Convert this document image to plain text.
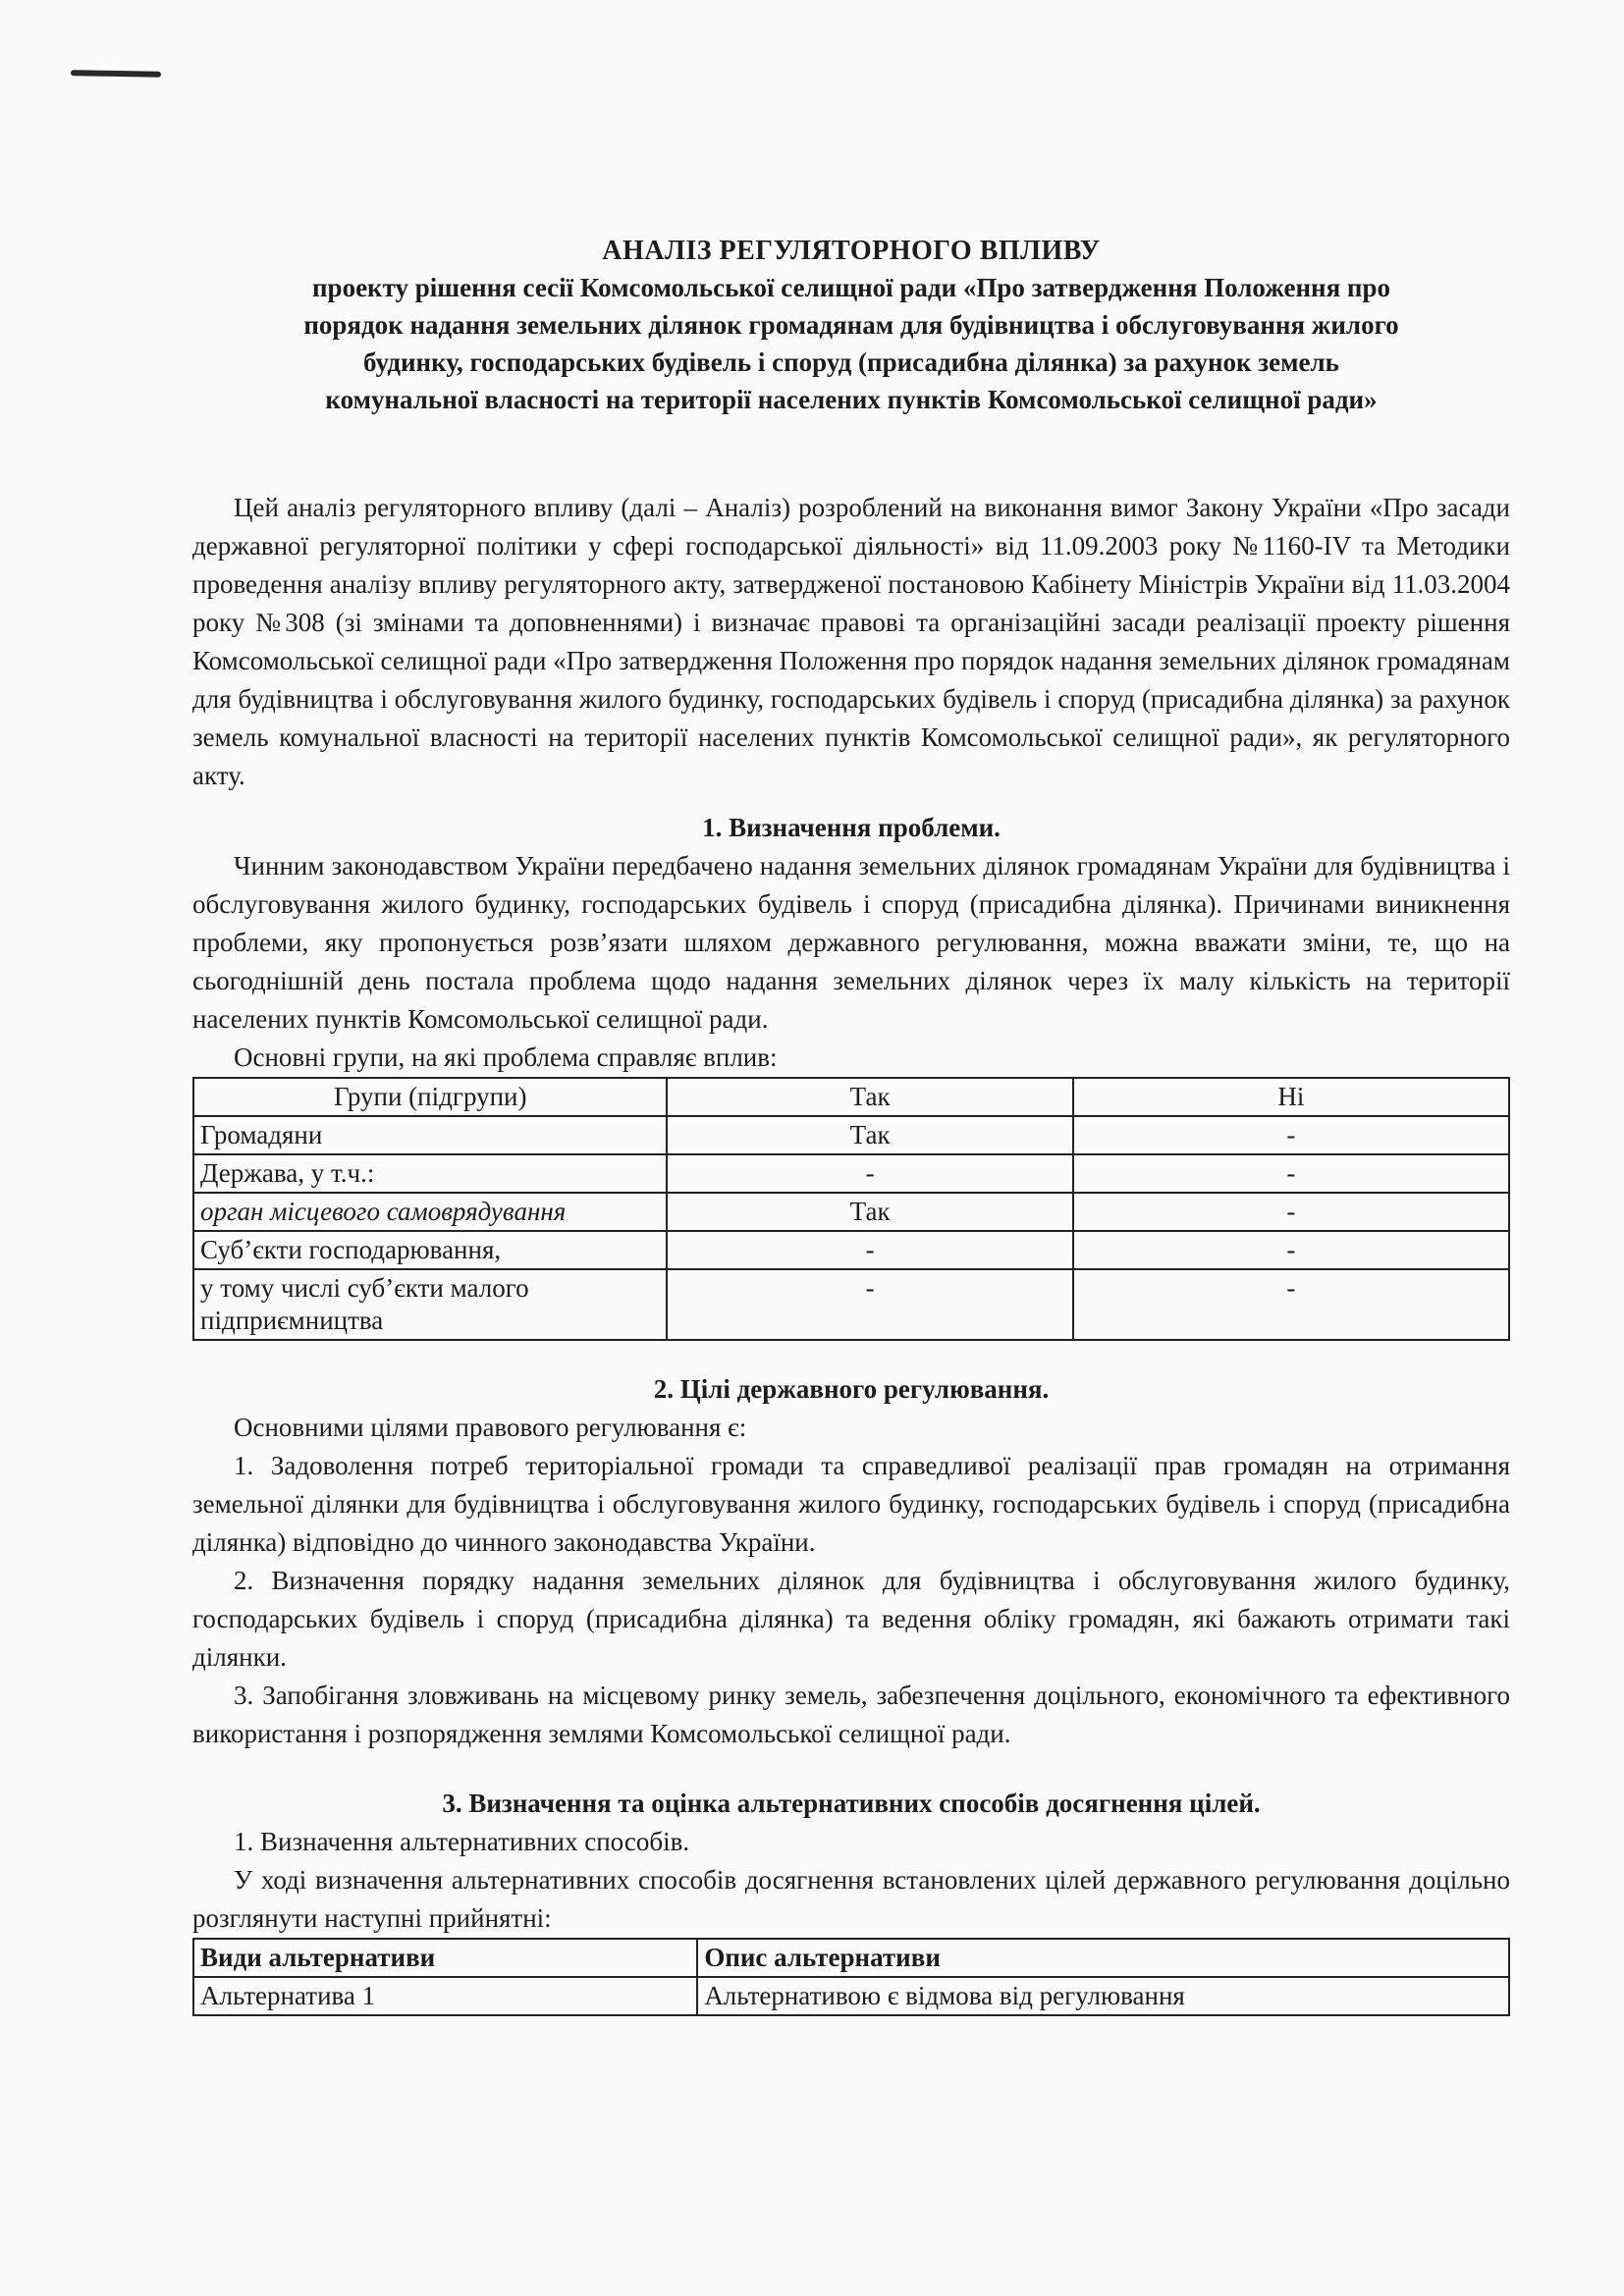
АНАЛІЗ РЕГУЛЯТОРНОГО ВПЛИВУ
проекту рішення сесії Комсомольської селищної ради «Про затвердження Положення про
порядок надання земельних ділянок громадянам для будівництва і обслуговування жилого
будинку, господарських будівель і споруд (присадибна ділянка) за рахунок земель
комунальної власності на території населених пунктів Комсомольської селищної ради»

Цей аналіз регуляторного впливу (далі – Аналіз) розроблений на виконання вимог Закону України «Про засади державної регуляторної політики у сфері господарської діяльності» від 11.09.2003 року №1160-IV та Методики проведення аналізу впливу регуляторного акту, затвердженої постановою Кабінету Міністрів України від 11.03.2004 року №308 (зі змінами та доповненнями) і визначає правові та організаційні засади реалізації проекту рішення Комсомольської селищної ради «Про затвердження Положення про порядок надання земельних ділянок громадянам для будівництва і обслуговування жилого будинку, господарських будівель і споруд (присадибна ділянка) за рахунок земель комунальної власності на території населених пунктів Комсомольської селищної ради», як регуляторного акту.

1. Визначення проблеми.

Чинним законодавством України передбачено надання земельних ділянок громадянам України для будівництва і обслуговування жилого будинку, господарських будівель і споруд (присадибна ділянка). Причинами виникнення проблеми, яку пропонується розв’язати шляхом державного регулювання, можна вважати зміни, те, що на сьогоднішній день постала проблема щодо надання земельних ділянок через їх малу кількість на території населених пунктів Комсомольської селищної ради.

Основні групи, на які проблема справляє вплив:

Групи (підгрупи)	Так	Ні
Громадяни	Так	-
Держава, у т.ч.:	-	-
орган місцевого самоврядування	Так	-
Суб’єкти господарювання,	-	-
у тому числі суб’єкти малого підприємництва	-	-
2. Цілі державного регулювання.

Основними цілями правового регулювання є:

1. Задоволення потреб територіальної громади та справедливої реалізації прав громадян на отримання земельної ділянки для будівництва і обслуговування жилого будинку, господарських будівель і споруд (присадибна ділянка) відповідно до чинного законодавства України.

2. Визначення порядку надання земельних ділянок для будівництва і обслуговування жилого будинку, господарських будівель і споруд (присадибна ділянка) та ведення обліку громадян, які бажають отримати такі ділянки.

3. Запобігання зловживань на місцевому ринку земель, забезпечення доцільного, економічного та ефективного використання і розпорядження землями Комсомольської селищної ради.

3. Визначення та оцінка альтернативних способів досягнення цілей.

1. Визначення альтернативних способів.

У ході визначення альтернативних способів досягнення встановлених цілей державного регулювання доцільно розглянути наступні прийнятні:

Види альтернативи	Опис альтернативи
Альтернатива 1	Альтернативою є відмова від регулювання
